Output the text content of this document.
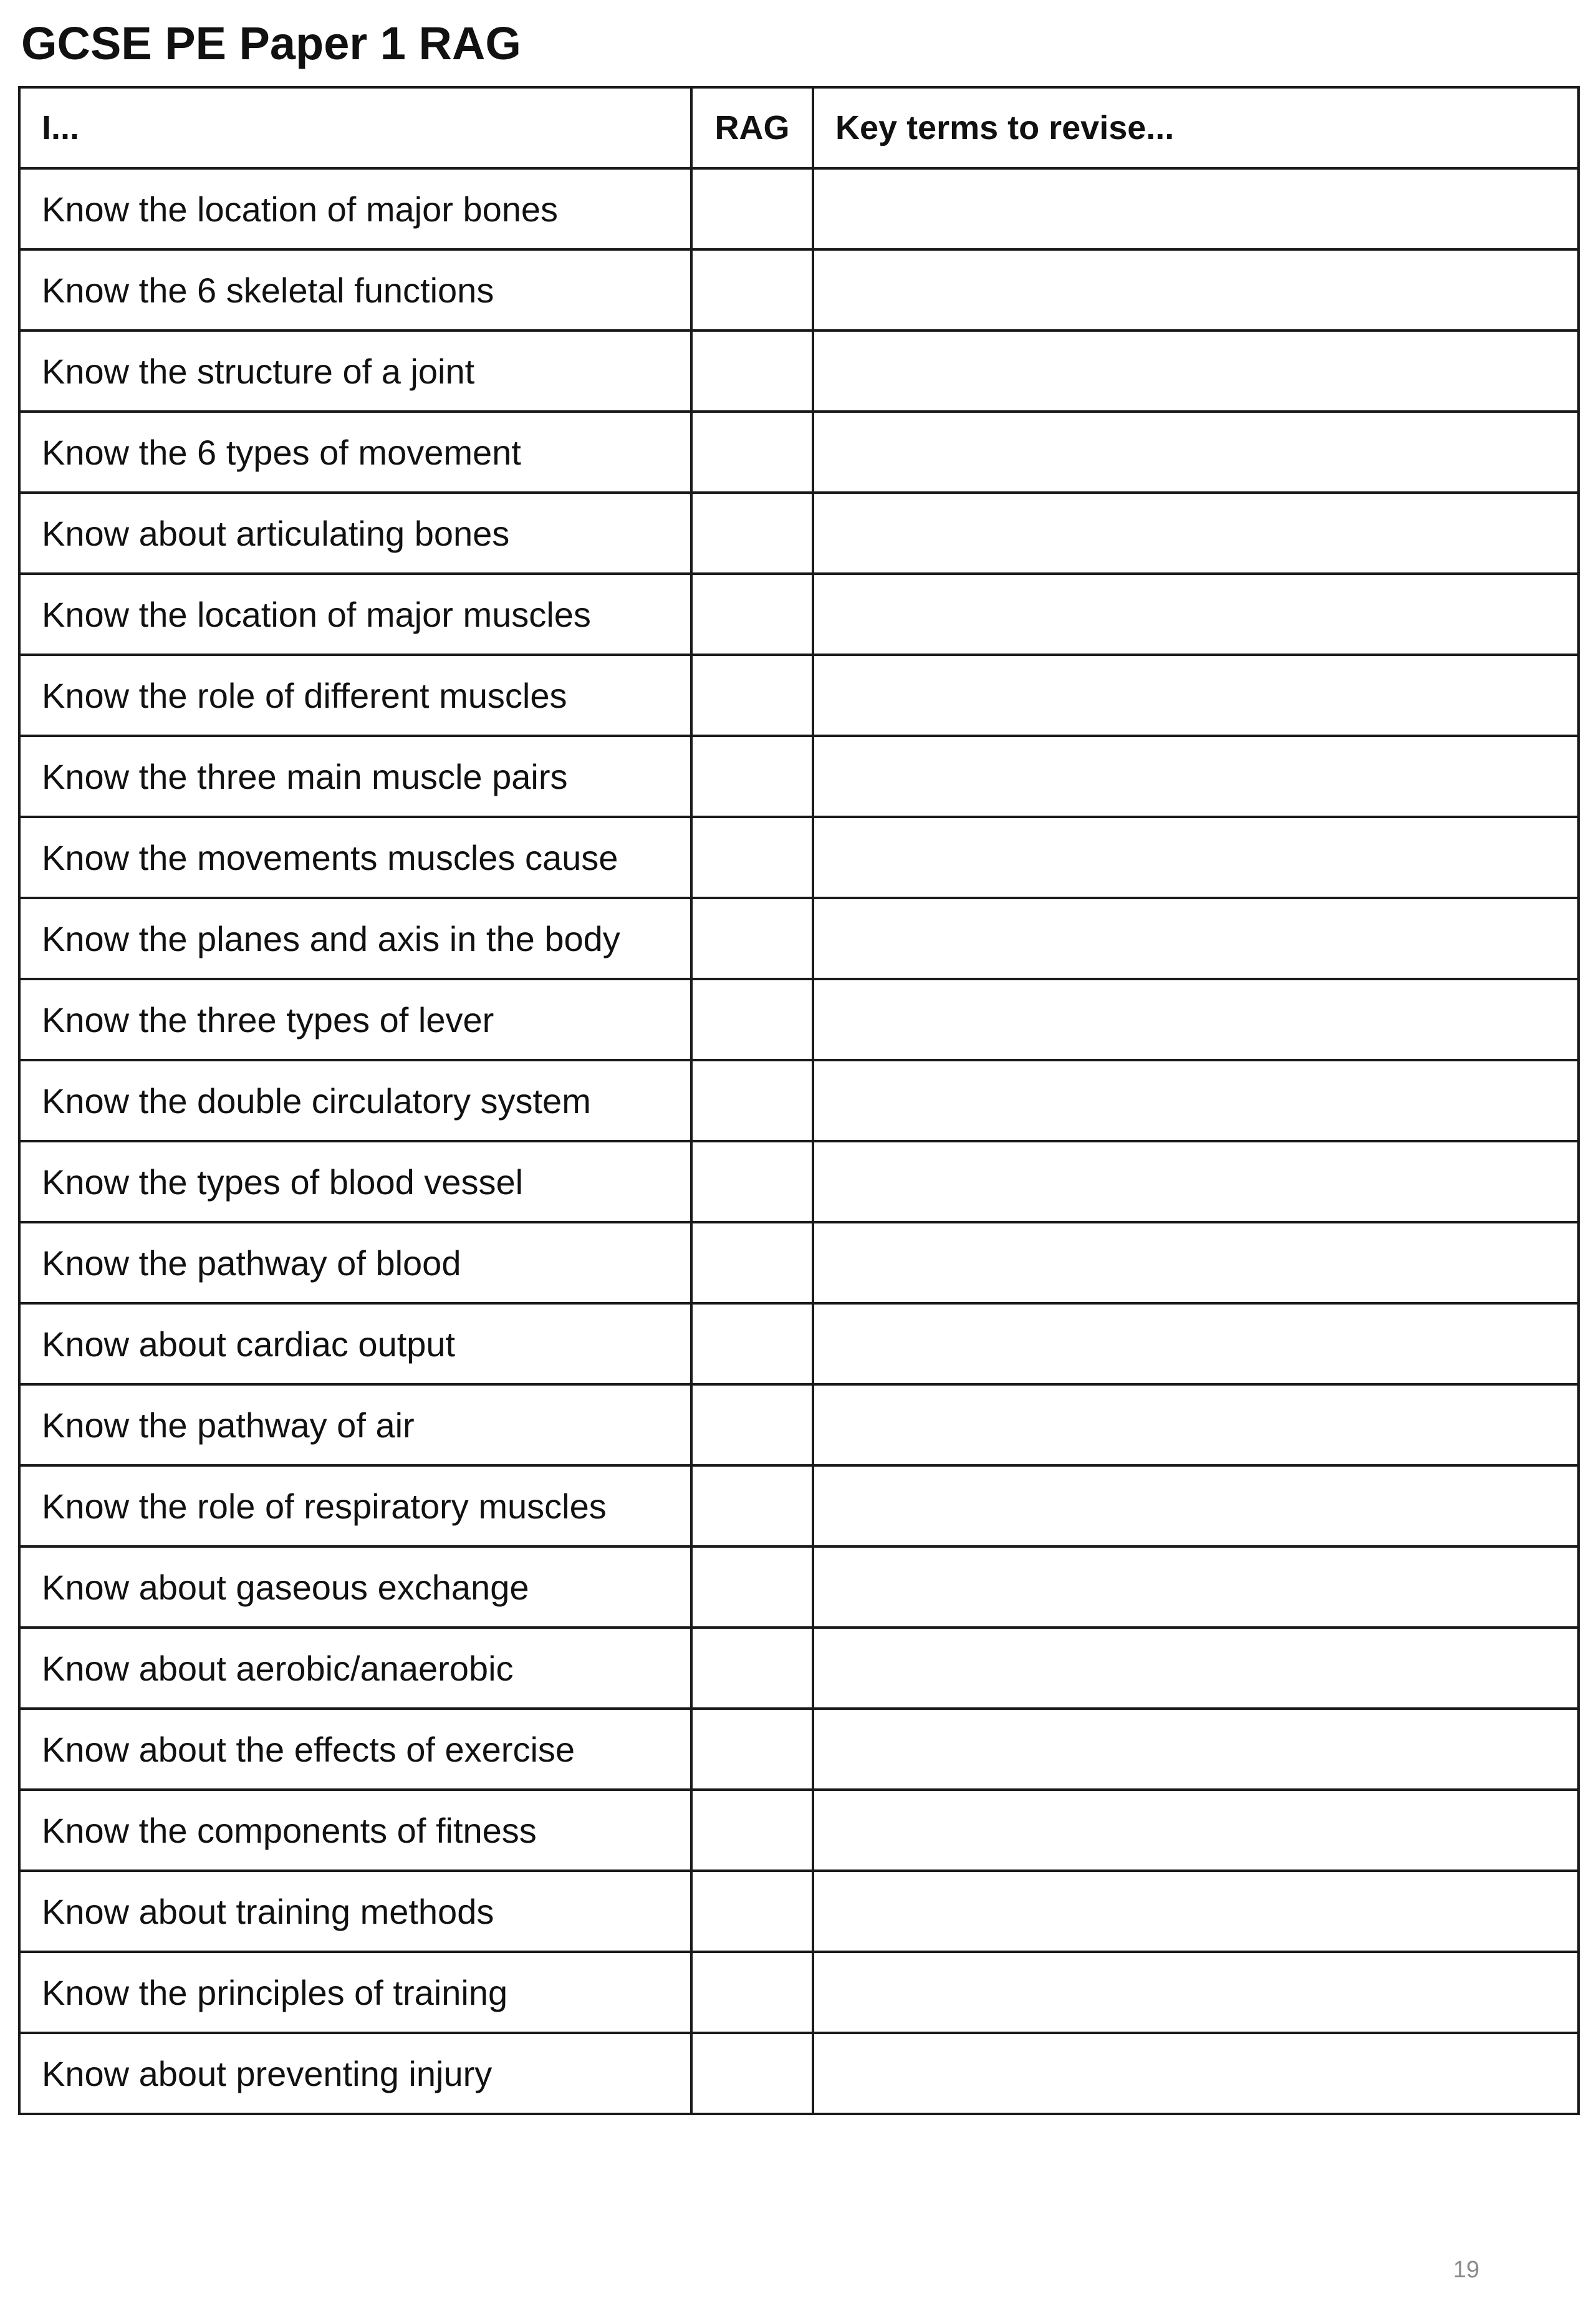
GCSE PE Paper 1 RAG
I...	RAG	Key terms to revise...
Know the location of major bones		
Know the 6 skeletal functions		
Know the structure of a joint		
Know the 6 types of movement		
Know about articulating bones		
Know the location of major muscles		
Know the role of different muscles		
Know the three main muscle pairs		
Know the movements muscles cause		
Know the planes and axis in the body		
Know the three types of lever		
Know the double circulatory system		
Know the types of blood vessel		
Know the pathway of blood		
Know about cardiac output		
Know the pathway of air		
Know the role of respiratory muscles		
Know about gaseous exchange		
Know about aerobic/anaerobic		
Know about the effects of exercise		
Know the components of fitness		
Know about training methods		
Know the principles of training		
Know about preventing injury		
19
